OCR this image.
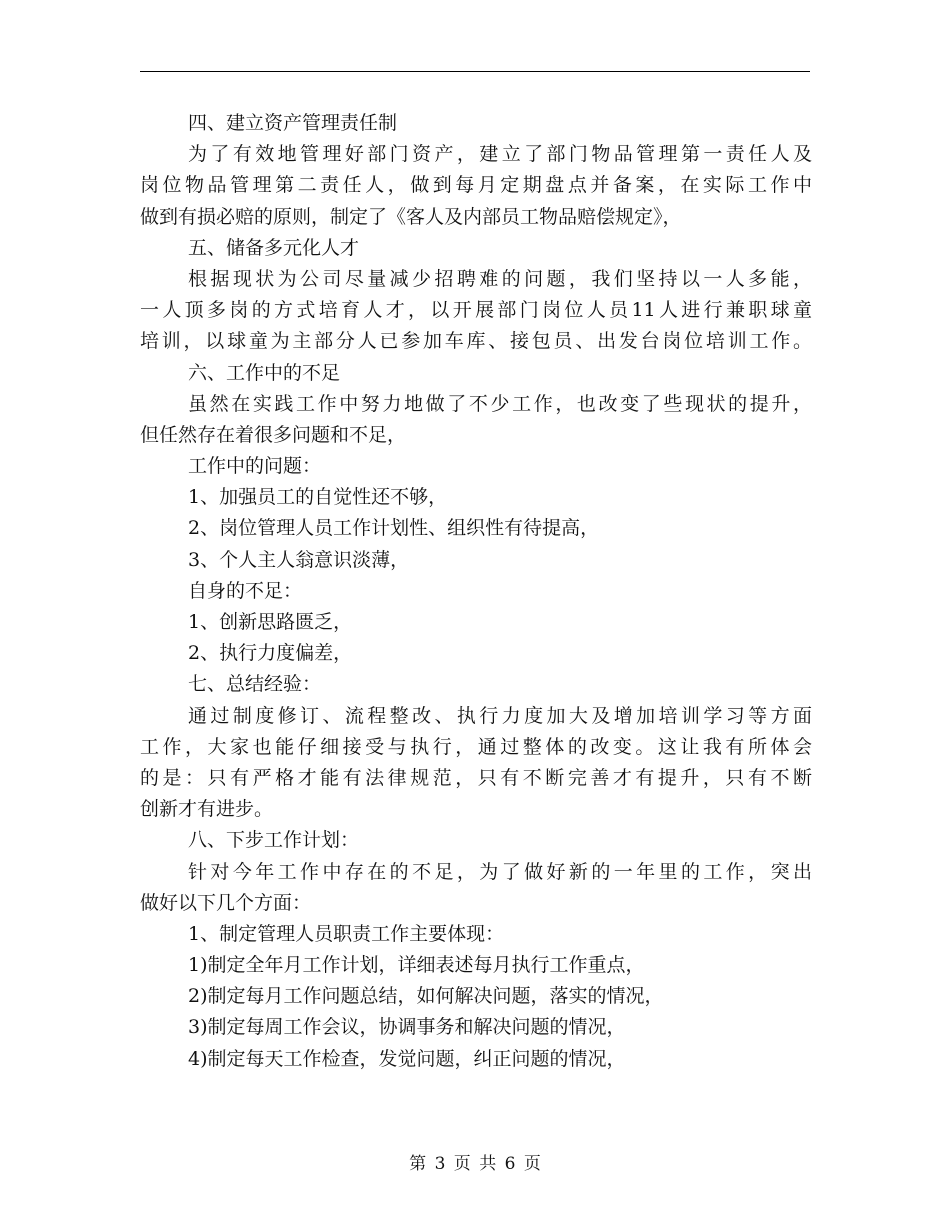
四、建立资产管理责任制
为了有效地管理好部门资产，建立了部门物品管理第一责任人及
岗位物品管理第二责任人，做到每月定期盘点并备案，在实际工作中
做到有损必赔的原则，制定了《客人及内部员工物品赔偿规定》，
五、储备多元化人才
根据现状为公司尽量减少招聘难的问题，我们坚持以一人多能，
一人顶多岗的方式培育人才，以开展部门岗位人员11人进行兼职球童
培训，以球童为主部分人已参加车库、接包员、出发台岗位培训工作。
六、工作中的不足
虽然在实践工作中努力地做了不少工作，也改变了些现状的提升，
但任然存在着很多问题和不足，
工作中的问题：
1、加强员工的自觉性还不够，
2、岗位管理人员工作计划性、组织性有待提高，
3、个人主人翁意识淡薄，
自身的不足：
1、创新思路匮乏，
2、执行力度偏差，
七、总结经验：
通过制度修订、流程整改、执行力度加大及增加培训学习等方面
工作，大家也能仔细接受与执行，通过整体的改变。这让我有所体会
的是：只有严格才能有法律规范，只有不断完善才有提升，只有不断
创新才有进步。
八、下步工作计划：
针对今年工作中存在的不足，为了做好新的一年里的工作，突出
做好以下几个方面：
1、制定管理人员职责工作主要体现：
1)制定全年月工作计划，详细表述每月执行工作重点，
2)制定每月工作问题总结，如何解决问题，落实的情况，
3)制定每周工作会议，协调事务和解决问题的情况，
4)制定每天工作检查，发觉问题，纠正问题的情况，
第 3 页 共 6 页
